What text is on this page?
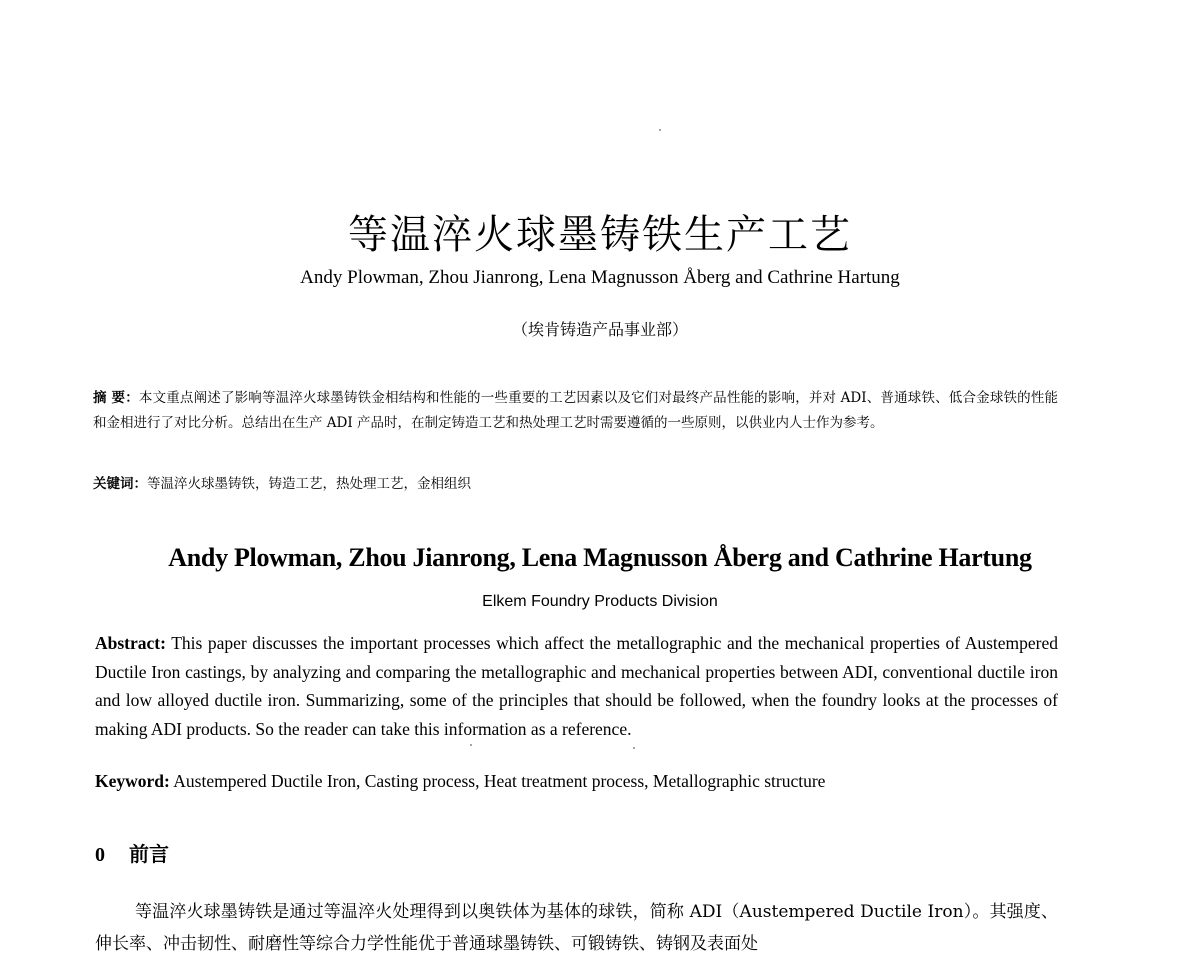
等温淬火球墨铸铁生产工艺
Andy Plowman, Zhou Jianrong, Lena Magnusson Åberg and Cathrine Hartung
（埃肯铸造产品事业部）
摘 要：本文重点阐述了影响等温淬火球墨铸铁金相结构和性能的一些重要的工艺因素以及它们对最终产品性能的影响，并对 ADI、普通球铁、低合金球铁的性能和金相进行了对比分析。总结出在生产 ADI 产品时，在制定铸造工艺和热处理工艺时需要遵循的一些原则，以供业内人士作为参考。
关键词：等温淬火球墨铸铁，铸造工艺，热处理工艺，金相组织
Andy Plowman, Zhou Jianrong, Lena Magnusson Åberg and Cathrine Hartung
Elkem Foundry Products Division
Abstract: This paper discusses the important processes which affect the metallographic and the mechanical properties of Austempered Ductile Iron castings, by analyzing and comparing the metallographic and mechanical properties between ADI, conventional ductile iron and low alloyed ductile iron. Summarizing, some of the principles that should be followed, when the foundry looks at the processes of making ADI products. So the reader can take this information as a reference.
Keyword: Austempered Ductile Iron, Casting process, Heat treatment process, Metallographic structure
0 前言
等温淬火球墨铸铁是通过等温淬火处理得到以奥铁体为基体的球铁，简称 ADI（Austempered Ductile Iron）。其强度、伸长率、冲击韧性、耐磨性等综合力学性能优于普通球墨铸铁、可锻铸铁、铸钢及表面处
